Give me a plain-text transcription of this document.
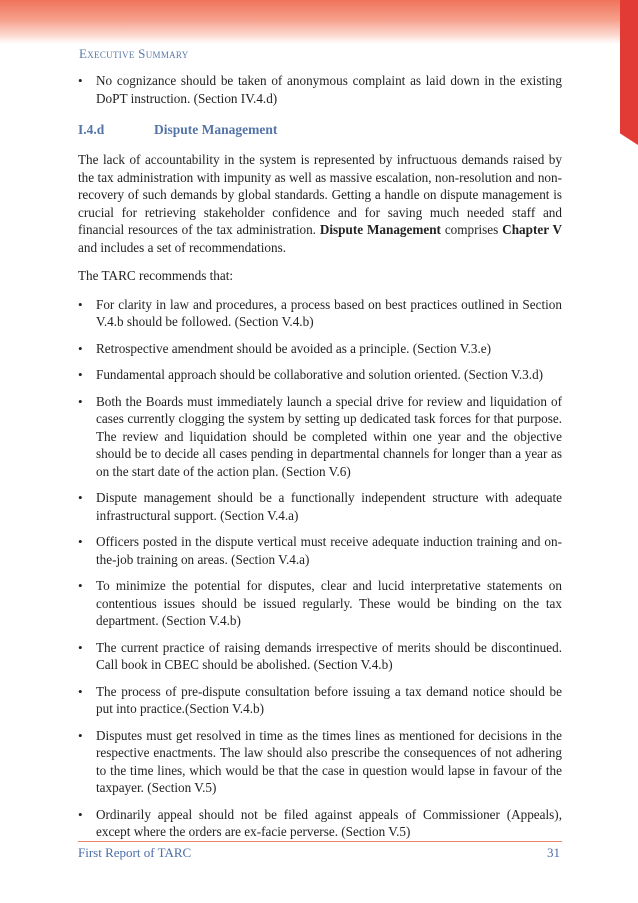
Executive Summary
•	No cognizance should be taken of anonymous complaint as laid down in the existing DoPT instruction. (Section IV.4.d)

I.4.d	Dispute Management

The lack of accountability in the system is represented by infructuous demands raised by the tax administration with impunity as well as massive escalation, non-resolution and non-recovery of such demands by global standards. Getting a handle on dispute management is crucial for retrieving stakeholder confidence and for saving much needed staff and financial resources of the tax administration. Dispute Management comprises Chapter V and includes a set of recommendations.

The TARC recommends that:

•	For clarity in law and procedures, a process based on best practices outlined in Section V.4.b should be followed. (Section V.4.b)

•	Retrospective amendment should be avoided as a principle. (Section V.3.e)

•	Fundamental approach should be collaborative and solution oriented. (Section V.3.d)

•	Both the Boards must immediately launch a special drive for review and liquidation of cases currently clogging the system by setting up dedicated task forces for that purpose. The review and liquidation should be completed within one year and the objective should be to decide all cases pending in departmental channels for longer than a year as on the start date of the action plan. (Section V.6)

•	Dispute management should be a functionally independent structure with adequate infrastructural support. (Section V.4.a)

•	Officers posted in the dispute vertical must receive adequate induction training and on-the-job training on areas. (Section V.4.a)

•	To minimize the potential for disputes, clear and lucid interpretative statements on contentious issues should be issued regularly. These would be binding on the tax department. (Section V.4.b)

•	The current practice of raising demands irrespective of merits should be discontinued. Call book in CBEC should be abolished. (Section V.4.b)

•	The process of pre-dispute consultation before issuing a tax demand notice should be put into practice.(Section V.4.b)

•	Disputes must get resolved in time as the times lines as mentioned for decisions in the respective enactments. The law should also prescribe the consequences of not adhering to the time lines, which would be that the case in question would lapse in favour of the taxpayer. (Section V.5)

•	Ordinarily appeal should not be filed against appeals of Commissioner (Appeals), except where the orders are ex-facie perverse. (Section V.5)

First Report of TARC	31
